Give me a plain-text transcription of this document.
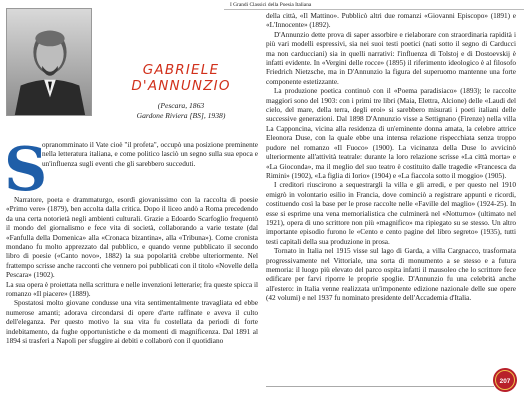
I Grandi Classici della Poesia Italiana
GABRIELE
D'ANNUNZIO
(Pescara, 1863
Gardone Riviera [BS], 1938)
S
opranomminato il Vate cioè "il profeta", occupò una posizione preminente nella letteratura italiana, e come politico lasciò un segno sulla sua epoca e un'influenza sugli eventi che gli sarebbero succeduti.

Narratore, poeta e drammaturgo, esordì giovanissimo con la raccolta di poesie «Primo vere» (1879), ben accolta dalla critica. Dopo il liceo andò a Roma precedendo da una certa notorietà negli ambienti culturali. Grazie a Edoardo Scarfoglio frequentò il mondo del giornalismo e fece vita di società, collaborando a varie testate (dal «Fanfulla della Domenica» alla «Cronaca bizantina», alla «Tribuna»). Come cronista mondano fu molto apprezzato dal pubblico, e quando venne pubblicato il secondo libro di poesie («Canto novo», 1882) la sua popolarità crebbe ulteriormente. Nel frattempo scrisse anche racconti che vennero poi pubblicati con il titolo «Novelle della Pescara» (1902).

La sua opera è proiettata nella scrittura e nelle invenzioni letterarie; fra queste spicca il romanzo «Il piacere» (1889).

Spostatosi molto giovane condusse una vita sentimentalmente travagliata ed ebbe numerose amanti; adorava circondarsi di opere d'arte raffinate e aveva il culto dell'eleganza. Per questo motivo la sua vita fu costellata da periodi di forte indebitamento, da fughe opportunistiche e da momenti di magnificenza. Dal 1891 al 1894 si trasferì a Napoli per sfuggire ai debiti e collaborò con il quotidiano

della città, «Il Mattino». Pubblicò altri due romanzi «Giovanni Episcopo» (1891) e «L'Innocente» (1892).

D'Annunzio dette prova di saper assorbire e rielaborare con straordinaria rapidità i più vari modelli espressivi, sia nei suoi testi poetici (nati sotto il segno di Carducci ma non carducciani) sia in quelli narrativi: l'influenza di Tolstoj e di Dostoevskij è infatti evidente. In «Vergini delle rocce» (1895) il riferimento ideologico è al filosofo Friedrich Nietzsche, ma in D'Annunzio la figura del superuomo mantenne una forte componente estetizzante.

La produzione poetica continuò con il «Poema paradisiaco» (1893); le raccolte maggiori sono del 1903: con i primi tre libri (Maia, Elettra, Alcione) delle «Laudi del cielo, del mare, della terra, degli eroi» si sarebbero misurati i poeti italiani delle successive generazioni. Dal 1898 D'Annunzio visse a Settignano (Firenze) nella villa La Capponcina, vicina alla residenza di un'eminente donna amata, la celebre attrice Eleonora Duse, con la quale ebbe una intensa relazione rispecchiata senza troppo pudore nel romanzo «Il Fuoco» (1900). La vicinanza della Duse lo avvicinò ulteriormente all'attività teatrale: durante la loro relazione scrisse «La città morta» e «La Gioconda», ma il meglio del suo teatro è costituito dalle tragedie «Francesca da Rimini» (1902), «La figlia di Iorio» (1904) e «La fiaccola sotto il moggio» (1905).

I creditori riuscirono a sequestrargli la villa e gli arredi, e per questo nel 1910 emigrò in volontario esilio in Francia, dove cominciò a registrare appunti e ricordi, costituendo così la base per le prose raccolte nelle «Faville del maglio» (1924-25). In esse si esprime una vena memorialistica che culminerà nel «Notturno» (ultimato nel 1921), opera di uno scrittore non più «magnifico» ma ripiegato su se stesso. Un altro importante episodio furono le «Cento e cento pagine del libro segreto» (1935), tutti testi capitali della sua produzione in prosa.

Tornato in Italia nel 1915 visse sul lago di Garda, a villa Cargnacco, trasformata progressivamente nel Vittoriale, una sorta di monumento a se stesso e a futura memoria: il luogo più elevato del parco ospita infatti il mausoleo che lo scrittore fece edificare per farvi riporre le proprie spoglie. D'Annunzio fu una celebrità anche all'estero: in Italia venne realizzata un'imponente edizione nazionale delle sue opere (42 volumi) e nel 1937 fu nominato presidente dell'Accademia d'Italia.

207
